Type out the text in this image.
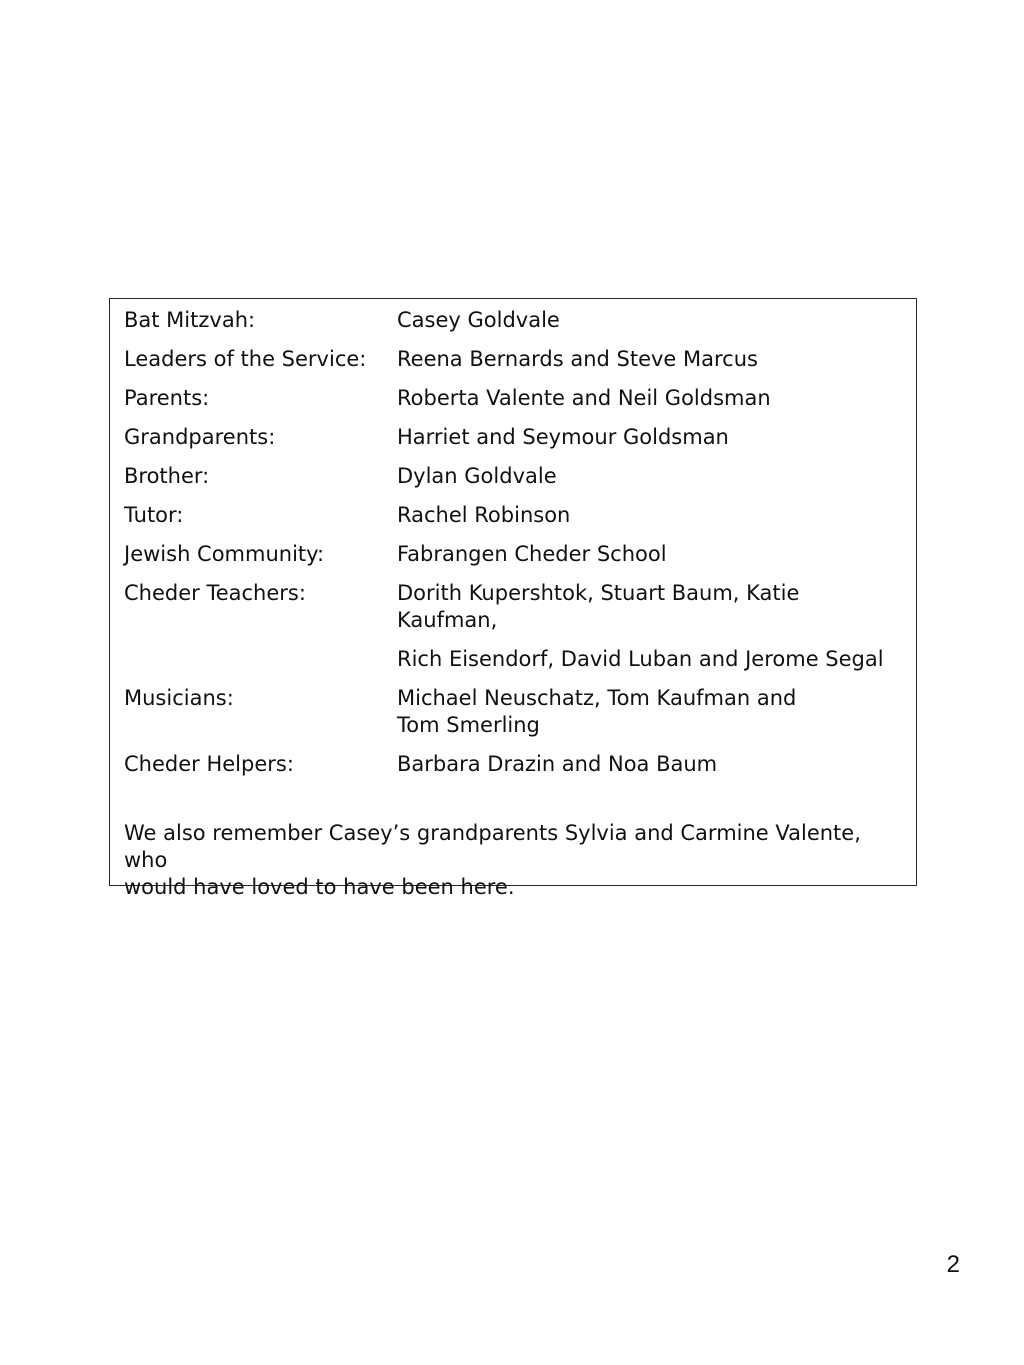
Bat Mitzvah:	Casey Goldvale
Leaders of the Service:	Reena Bernards and Steve Marcus
Parents:	Roberta Valente and Neil Goldsman
Grandparents:	Harriet and Seymour Goldsman
Brother:	Dylan Goldvale
Tutor:	Rachel Robinson
Jewish Community:	Fabrangen Cheder School
Cheder Teachers:	Dorith Kupershtok, Stuart Baum, Katie Kaufman,
Rich Eisendorf, David Luban and Jerome Segal
Musicians:	Michael Neuschatz, Tom Kaufman and
Tom Smerling
Cheder Helpers:	Barbara Drazin and Noa Baum
We also remember Casey’s grandparents Sylvia and Carmine Valente, who
would have loved to have been here.
2
